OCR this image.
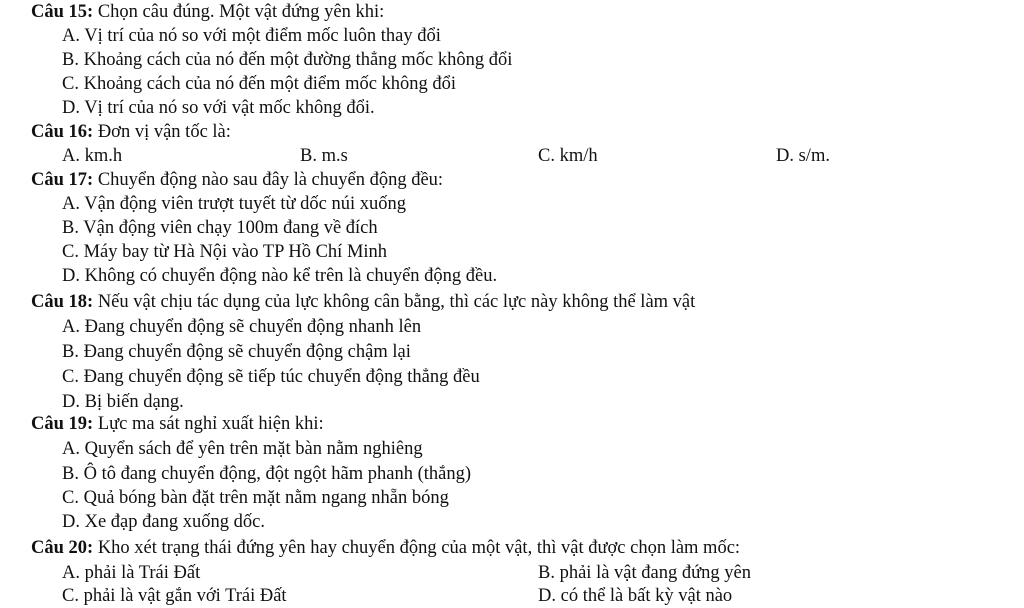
Câu 15: Chọn câu đúng. Một vật đứng yên khi:
A. Vị trí của nó so với một điểm mốc luôn thay đổi
B. Khoảng cách của nó đến một đường thẳng mốc không đổi
C. Khoảng cách của nó đến một điểm mốc không đổi
D. Vị trí của nó so với vật mốc không đổi.
Câu 16: Đơn vị vận tốc là:
A. km.h	B. m.s	C. km/h	D. s/m.
Câu 17: Chuyển động nào sau đây là chuyển động đều:
A. Vận động viên trượt tuyết từ dốc núi xuống
B. Vận động viên chạy 100m đang về đích
C. Máy bay từ Hà Nội vào TP Hồ Chí Minh
D. Không có chuyển động nào kể trên là chuyển động đều.
Câu 18: Nếu vật chịu tác dụng của lực không cân bằng, thì các lực này không thể làm vật
A. Đang chuyển động sẽ chuyển động nhanh lên
B. Đang chuyển động sẽ chuyển động chậm lại
C. Đang chuyển động sẽ tiếp túc chuyển động thẳng đều
D. Bị biến dạng.
Câu 19: Lực ma sát nghỉ xuất hiện khi:
A. Quyển sách để yên trên mặt bàn nằm nghiêng
B. Ô tô đang chuyển động, đột ngột hãm phanh (thắng)
C. Quả bóng bàn đặt trên mặt nằm ngang nhẵn bóng
D. Xe đạp đang xuống dốc.
Câu 20: Kho xét trạng thái đứng yên hay chuyển động của một vật, thì vật được chọn làm mốc:
A. phải là Trái Đất	B. phải là vật đang đứng yên
C. phải là vật gắn với Trái Đất	D. có thể là bất kỳ vật nào
